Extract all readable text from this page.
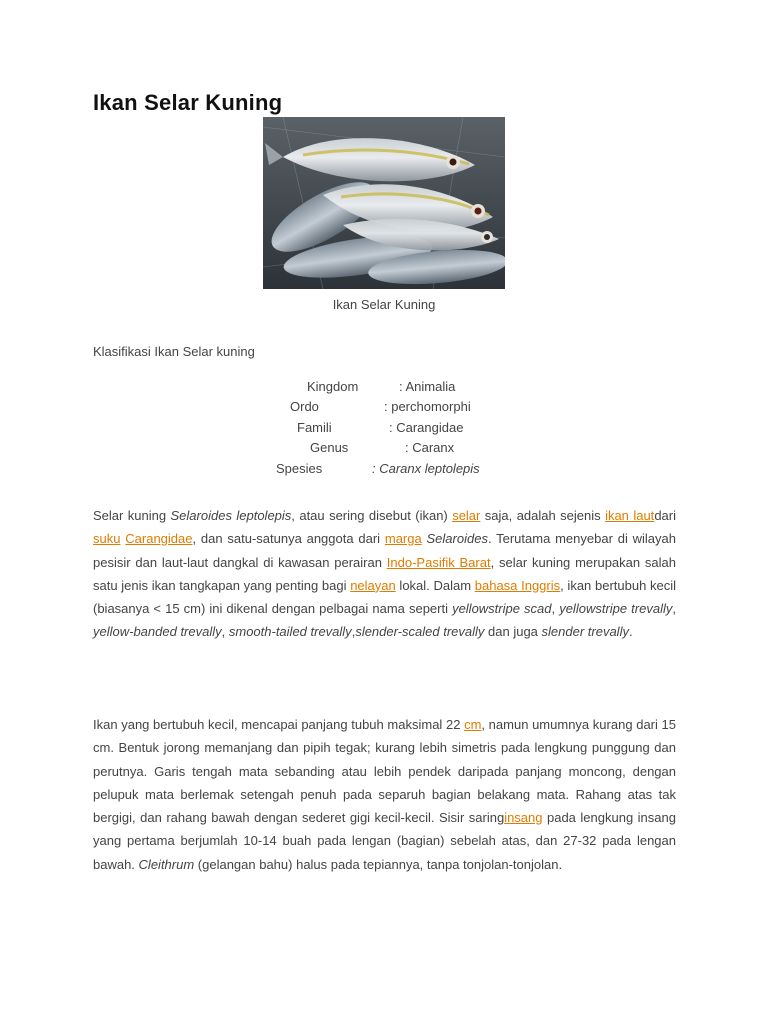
Ikan Selar Kuning
Ikan Selar Kuning
Klasifikasi Ikan Selar kuning
Kingdom	: Animalia
Ordo	: perchomorphi
Famili	: Carangidae
Genus	: Caranx
Spesies	: Caranx leptolepis

Selar kuning Selaroides leptolepis, atau sering disebut (ikan) selar saja, adalah sejenis ikan lautdari suku Carangidae, dan satu-satunya anggota dari marga Selaroides. Terutama menyebar di wilayah pesisir dan laut-laut dangkal di kawasan perairan Indo-Pasifik Barat, selar kuning merupakan salah satu jenis ikan tangkapan yang penting bagi nelayan lokal. Dalam bahasa Inggris, ikan bertubuh kecil (biasanya < 15 cm) ini dikenal dengan pelbagai nama seperti yellowstripe scad, yellowstripe trevally, yellow-banded trevally, smooth-tailed trevally,slender-scaled trevally dan juga slender trevally.

Ikan yang bertubuh kecil, mencapai panjang tubuh maksimal 22 cm, namun umumnya kurang dari 15 cm. Bentuk jorong memanjang dan pipih tegak; kurang lebih simetris pada lengkung punggung dan perutnya. Garis tengah mata sebanding atau lebih pendek daripada panjang moncong, dengan pelupuk mata berlemak setengah penuh pada separuh bagian belakang mata. Rahang atas tak bergigi, dan rahang bawah dengan sederet gigi kecil-kecil. Sisir saringinsang pada lengkung insang yang pertama berjumlah 10-14 buah pada lengan (bagian) sebelah atas, dan 27-32 pada lengan bawah. Cleithrum (gelangan bahu) halus pada tepiannya, tanpa tonjolan-tonjolan.
